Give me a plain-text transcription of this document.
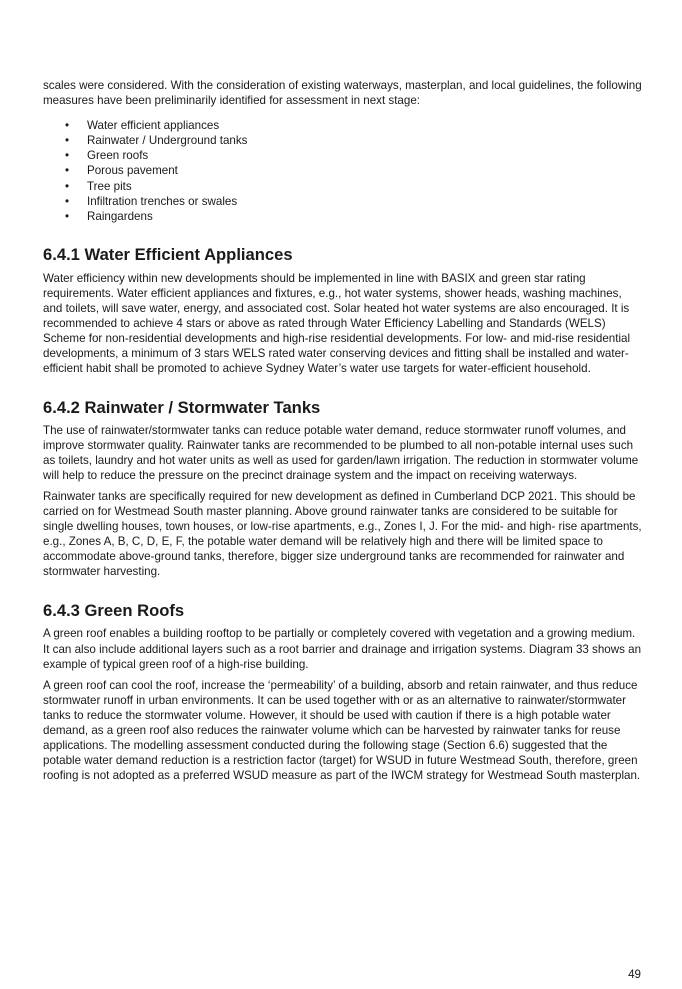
scales were considered. With the consideration of existing waterways, masterplan, and local guidelines, the following measures have been preliminarily identified for assessment in next stage:

• Water efficient appliances
• Rainwater / Underground tanks
• Green roofs
• Porous pavement
• Tree pits
• Infiltration trenches or swales
• Raingardens
6.4.1 Water Efficient Appliances

Water efficiency within new developments should be implemented in line with BASIX and green star rating requirements. Water efficient appliances and fixtures, e.g., hot water systems, shower heads, washing machines, and toilets, will save water, energy, and associated cost. Solar heated hot water systems are also encouraged. It is recommended to achieve 4 stars or above as rated through Water Efficiency Labelling and Standards (WELS) Scheme for non-residential developments and high-rise residential developments. For low- and mid-rise residential developments, a minimum of 3 stars WELS rated water conserving devices and fitting shall be installed and water-efficient habit shall be promoted to achieve Sydney Water’s water use targets for water-efficient household.

6.4.2 Rainwater / Stormwater Tanks

The use of rainwater/stormwater tanks can reduce potable water demand, reduce stormwater runoff volumes, and improve stormwater quality. Rainwater tanks are recommended to be plumbed to all non-potable internal uses such as toilets, laundry and hot water units as well as used for garden/lawn irrigation. The reduction in stormwater volume will help to reduce the pressure on the precinct drainage system and the impact on receiving waterways.

Rainwater tanks are specifically required for new development as defined in Cumberland DCP 2021. This should be carried on for Westmead South master planning. Above ground rainwater tanks are considered to be suitable for single dwelling houses, town houses, or low-rise apartments, e.g., Zones I, J. For the mid- and high- rise apartments, e.g., Zones A, B, C, D, E, F, the potable water demand will be relatively high and there will be limited space to accommodate above-ground tanks, therefore, bigger size underground tanks are recommended for rainwater and stormwater harvesting.

6.4.3 Green Roofs

A green roof enables a building rooftop to be partially or completely covered with vegetation and a growing medium. It can also include additional layers such as a root barrier and drainage and irrigation systems. Diagram 33 shows an example of typical green roof of a high-rise building.

A green roof can cool the roof, increase the ‘permeability’ of a building, absorb and retain rainwater, and thus reduce stormwater runoff in urban environments. It can be used together with or as an alternative to rainwater/stormwater tanks to reduce the stormwater volume. However, it should be used with caution if there is a high potable water demand, as a green roof also reduces the rainwater volume which can be harvested by rainwater tanks for reuse applications. The modelling assessment conducted during the following stage (Section 6.6) suggested that the potable water demand reduction is a restriction factor (target) for WSUD in future Westmead South, therefore, green roofing is not adopted as a preferred WSUD measure as part of the IWCM strategy for Westmead South masterplan.

49
